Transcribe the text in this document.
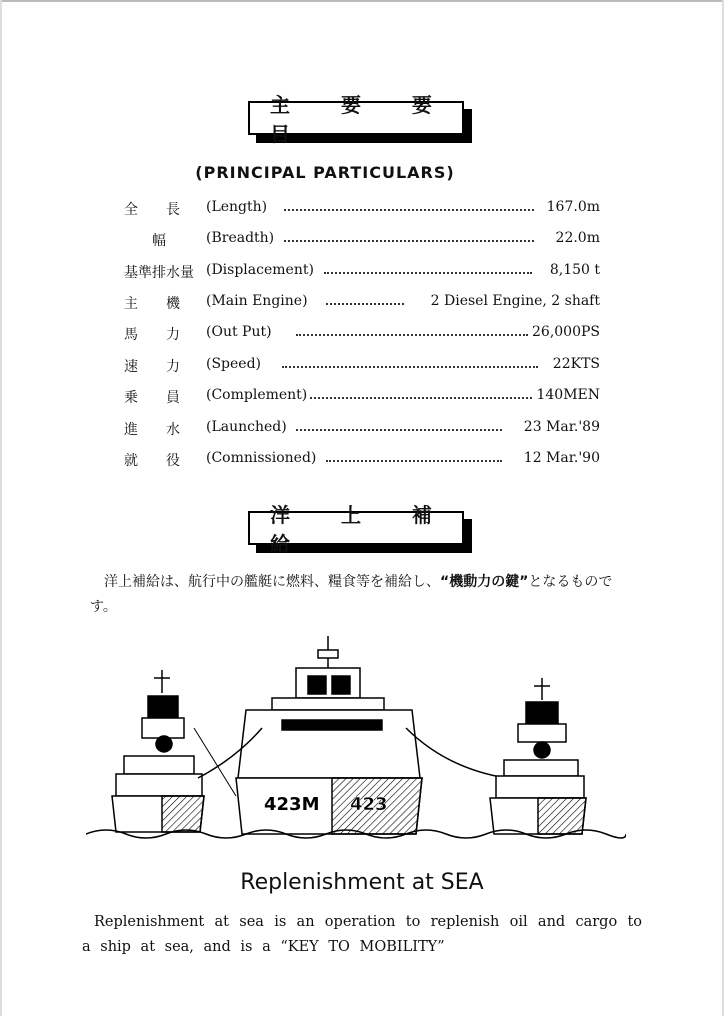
主 要 要 目
(PRINCIPAL PARTICULARS)
全　　長	(Length)	167.0m
　　幅	(Breadth)	22.0m
基準排水量 (Displacement)	8,150 t
主　　機	(Main Engine)	2 Diesel Engine, 2 shaft
馬　　力	(Out Put)	26,000PS
速　　力	(Speed)	22KTS
乗　　員	(Complement)	140MEN
進　　水	(Launched)	23 Mar.'89
就　　役	(Comnissioned)	12 Mar.'90
洋 上 補 給
洋上補給は、航行中の艦艇に燃料、糧食等を補給し、“機動力の鍵”となるものです。
423M 423
Replenishment at SEA
Replenishment at sea is an operation to replenish oil and cargo to a ship at sea, and is a “KEY TO MOBILITY”
